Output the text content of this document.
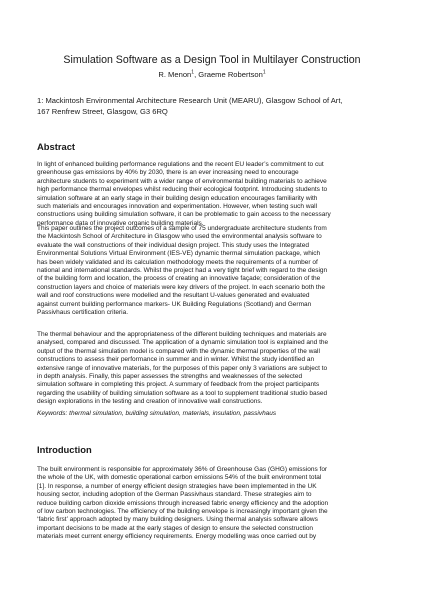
Simulation Software as a Design Tool in Multilayer Construction
R. Menon$^1$, Graeme Robertson$^1$
1: Mackintosh Environmental Architecture Research Unit (MEARU), Glasgow School of Art,
167 Renfrew Street, Glasgow, G3 6RQ
Abstract
In light of enhanced building performance regulations and the recent EU leader’s commitment to cut
greenhouse gas emissions by 40% by 2030, there is an ever increasing need to encourage
architecture students to experiment with a wider range of environmental building materials to achieve
high performance thermal envelopes whilst reducing their ecological footprint. Introducing students to
simulation software at an early stage in their building design education encourages familiarity with
such materials and encourages innovation and experimentation. However, when testing such wall
constructions using building simulation software, it can be problematic to gain access to the necessary
performance data of innovative organic building materials.
This paper outlines the project outcomes of a sample of 75 undergraduate architecture students from
the Mackintosh School of Architecture in Glasgow who used the environmental analysis software to
evaluate the wall constructions of their individual design project. This study uses the Integrated
Environmental Solutions Virtual Environment (IES-VE) dynamic thermal simulation package, which
has been widely validated and its calculation methodology meets the requirements of a number of
national and international standards. Whilst the project had a very tight brief with regard to the design
of the building form and location, the process of creating an innovative façade; consideration of the
construction layers and choice of materials were key drivers of the project. In each scenario both the
wall and roof constructions were modelled and the resultant U-values generated and evaluated
against current building performance markers- UK Building Regulations (Scotland) and German
Passivhaus certification criteria.
The thermal behaviour and the appropriateness of the different building techniques and materials are
analysed, compared and discussed. The application of a dynamic simulation tool is explained and the
output of the thermal simulation model is compared with the dynamic thermal properties of the wall
constructions to assess their performance in summer and in winter. Whilst the study identified an
extensive range of innovative materials, for the purposes of this paper only 3 variations are subject to
in depth analysis. Finally, this paper assesses the strengths and weaknesses of the selected
simulation software in completing this project. A summary of feedback from the project participants
regarding the usability of building simulation software as a tool to supplement traditional studio based
design explorations in the testing and creation of innovative wall constructions.
Keywords: thermal simulation, building simulation, materials, insulation, passivhaus
Introduction
The built environment is responsible for approximately 36% of Greenhouse Gas (GHG) emissions for
the whole of the UK, with domestic operational carbon emissions 54% of the built environment total
[1]. In response, a number of energy efficient design strategies have been implemented in the UK
housing sector, including adoption of the German Passivhaus standard. These strategies aim to
reduce building carbon dioxide emissions through increased fabric energy efficiency and the adoption
of low carbon technologies. The efficiency of the building envelope is increasingly important given the
‘fabric first’ approach adopted by many building designers. Using thermal analysis software allows
important decisions to be made at the early stages of design to ensure the selected construction
materials meet current energy efficiency requirements. Energy modelling was once carried out by
